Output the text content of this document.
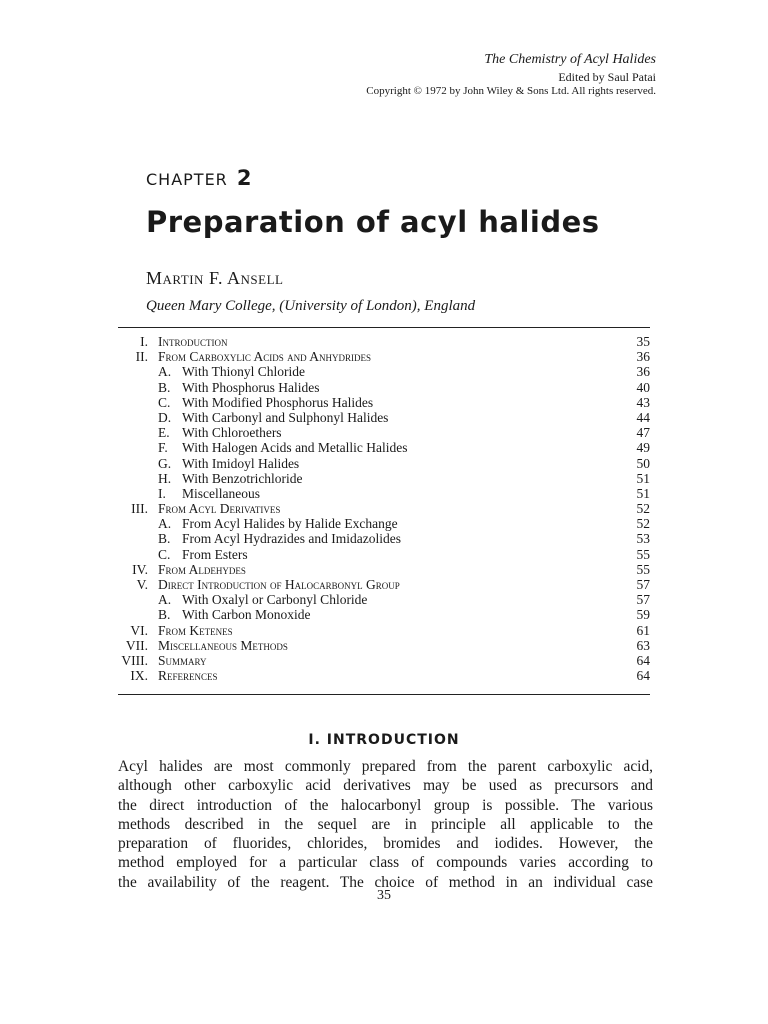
The Chemistry of Acyl Halides
Edited by Saul Patai
Copyright © 1972 by John Wiley & Sons Ltd. All rights reserved.
CHAPTER 2
Preparation of acyl halides
Martin F. Ansell
Queen Mary College, (University of London), England
I. Introduction	35
II. From Carboxylic Acids and Anhydrides	36
A. With Thionyl Chloride	36
B. With Phosphorus Halides	40
C. With Modified Phosphorus Halides	43
D. With Carbonyl and Sulphonyl Halides	44
E. With Chloroethers	47
F. With Halogen Acids and Metallic Halides	49
G. With Imidoyl Halides	50
H. With Benzotrichloride	51
I. Miscellaneous	51
III. From Acyl Derivatives	52
A. From Acyl Halides by Halide Exchange	52
B. From Acyl Hydrazides and Imidazolides	53
C. From Esters	55
IV. From Aldehydes	55
V. Direct Introduction of Halocarbonyl Group	57
A. With Oxalyl or Carbonyl Chloride	57
B. With Carbon Monoxide	59
VI. From Ketenes	61
VII. Miscellaneous Methods	63
VIII. Summary	64
IX. References	64
I. INTRODUCTION
Acyl halides are most commonly prepared from the parent carboxylic acid,
although other carboxylic acid derivatives may be used as precursors and
the direct introduction of the halocarbonyl group is possible. The various
methods described in the sequel are in principle all applicable to the
preparation of fluorides, chlorides, bromides and iodides. However, the
method employed for a particular class of compounds varies according to
the availability of the reagent. The choice of method in an individual case
35
